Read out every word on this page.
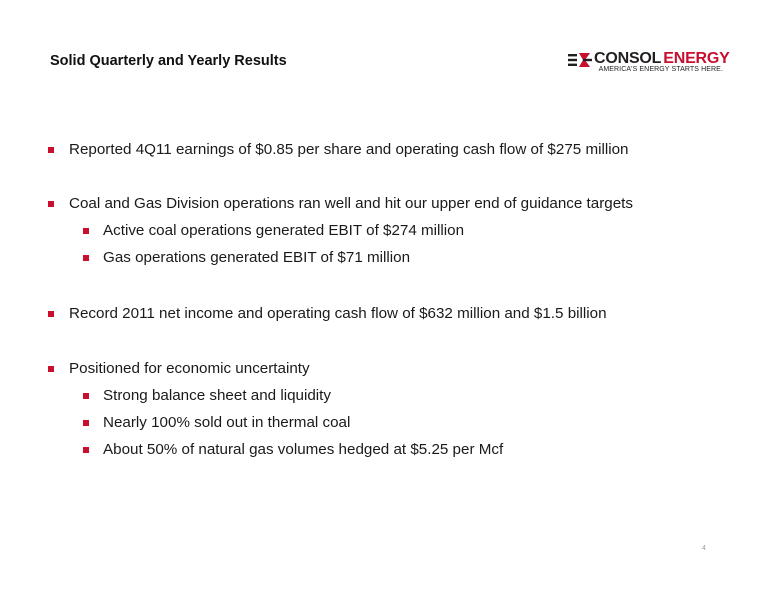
Solid Quarterly and Yearly Results	CONSOL ENERGY
AMERICA'S ENERGY STARTS HERE.
Reported 4Q11 earnings of $0.85 per share and operating cash flow of $275 million
Coal and Gas Division operations ran well and hit our upper end of guidance targets
Active coal operations generated EBIT of $274 million
Gas operations generated EBIT of $71 million
Record 2011 net income and operating cash flow of $632 million and $1.5 billion
Positioned for economic uncertainty
Strong balance sheet and liquidity
Nearly 100% sold out in thermal coal
About 50% of natural gas volumes hedged at $5.25 per Mcf
4
